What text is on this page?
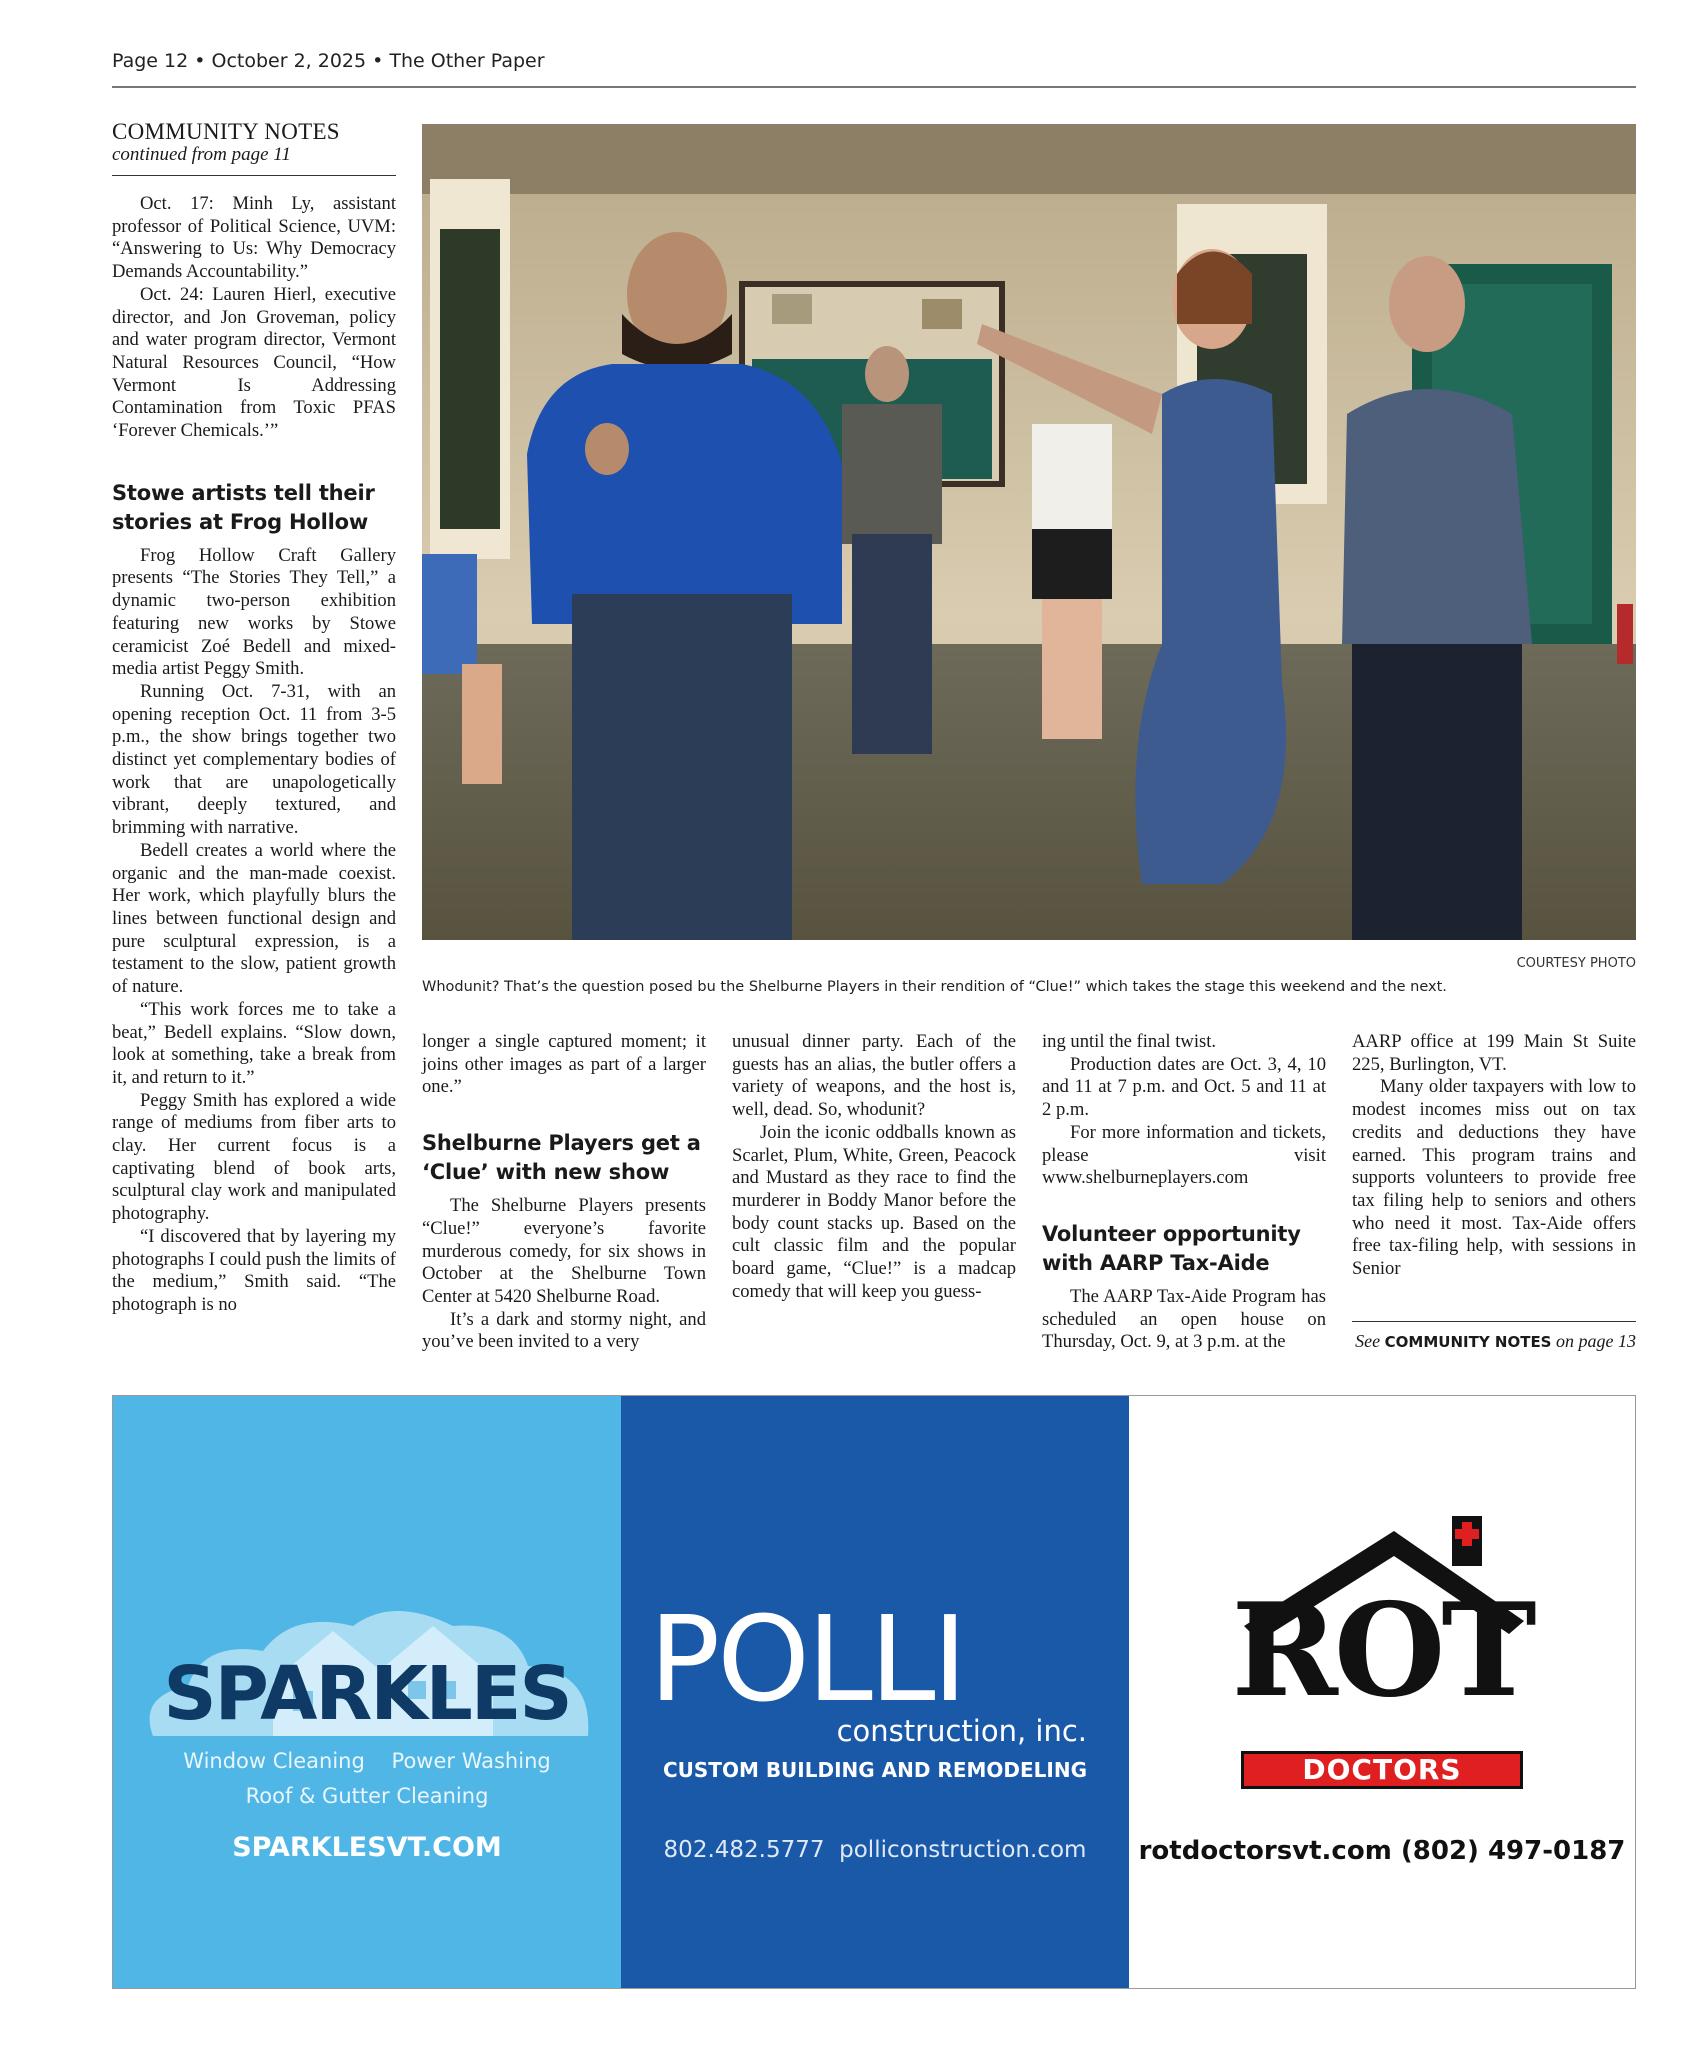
Page 12 • October 2, 2025 • The Other Paper
COMMUNITY NOTES
continued from page 11

Oct. 17: Minh Ly, assistant professor of Political Science, UVM: “Answering to Us: Why Democracy Demands Accountability.”

Oct. 24: Lauren Hierl, executive director, and Jon Groveman, policy and water program director, Vermont Natural Resources Council, “How Vermont Is Addressing Contamination from Toxic PFAS ‘Forever Chemicals.’”

Stowe artists tell their stories at Frog Hollow

Frog Hollow Craft Gallery presents “The Stories They Tell,” a dynamic two-person exhibition featuring new works by Stowe ceramicist Zoé Bedell and mixed-media artist Peggy Smith.

Running Oct. 7-31, with an opening reception Oct. 11 from 3-5 p.m., the show brings together two distinct yet complementary bodies of work that are unapologetically vibrant, deeply textured, and brimming with narrative.

Bedell creates a world where the organic and the man-made coexist. Her work, which playfully blurs the lines between functional design and pure sculptural expression, is a testament to the slow, patient growth of nature.

“This work forces me to take a beat,” Bedell explains. “Slow down, look at something, take a break from it, and return to it.”

Peggy Smith has explored a wide range of mediums from fiber arts to clay. Her current focus is a captivating blend of book arts, sculptural clay work and manipulated photography.

“I discovered that by layering my photographs I could push the limits of the medium,” Smith said. “The photograph is no

COURTESY PHOTO
Whodunit? That’s the question posed bu the Shelburne Players in their rendition of “Clue!” which takes the stage this weekend and the next.

longer a single captured moment; it joins other images as part of a larger one.”

Shelburne Players get a ‘Clue’ with new show

The Shelburne Players presents “Clue!” everyone’s favorite murderous comedy, for six shows in October at the Shelburne Town Center at 5420 Shelburne Road.

It’s a dark and stormy night, and you’ve been invited to a very

unusual dinner party. Each of the guests has an alias, the butler offers a variety of weapons, and the host is, well, dead. So, whodunit?

Join the iconic oddballs known as Scarlet, Plum, White, Green, Peacock and Mustard as they race to find the murderer in Boddy Manor before the body count stacks up. Based on the cult classic film and the popular board game, “Clue!” is a madcap comedy that will keep you guess-

ing until the final twist.

Production dates are Oct. 3, 4, 10 and 11 at 7 p.m. and Oct. 5 and 11 at 2 p.m.

For more information and tickets, please visit www.shelburneplayers.com

Volunteer opportunity with AARP Tax-Aide

The AARP Tax-Aide Program has scheduled an open house on Thursday, Oct. 9, at 3 p.m. at the

AARP office at 199 Main St Suite 225, Burlington, VT.

Many older taxpayers with low to modest incomes miss out on tax credits and deductions they have earned. This program trains and supports volunteers to provide free tax filing help to seniors and others who need it most. Tax-Aide offers free tax-filing help, with sessions in Senior

See COMMUNITY NOTES on page 13
SPARKLES
Window Cleaning Power Washing
Roof & Gutter Cleaning
SPARKLESVT.COM
POLLI
construction, inc.
CUSTOM BUILDING AND REMODELING
802.482.5777 polliconstruction.com
ROT
DOCTORS
rotdoctorsvt.com (802) 497-0187
